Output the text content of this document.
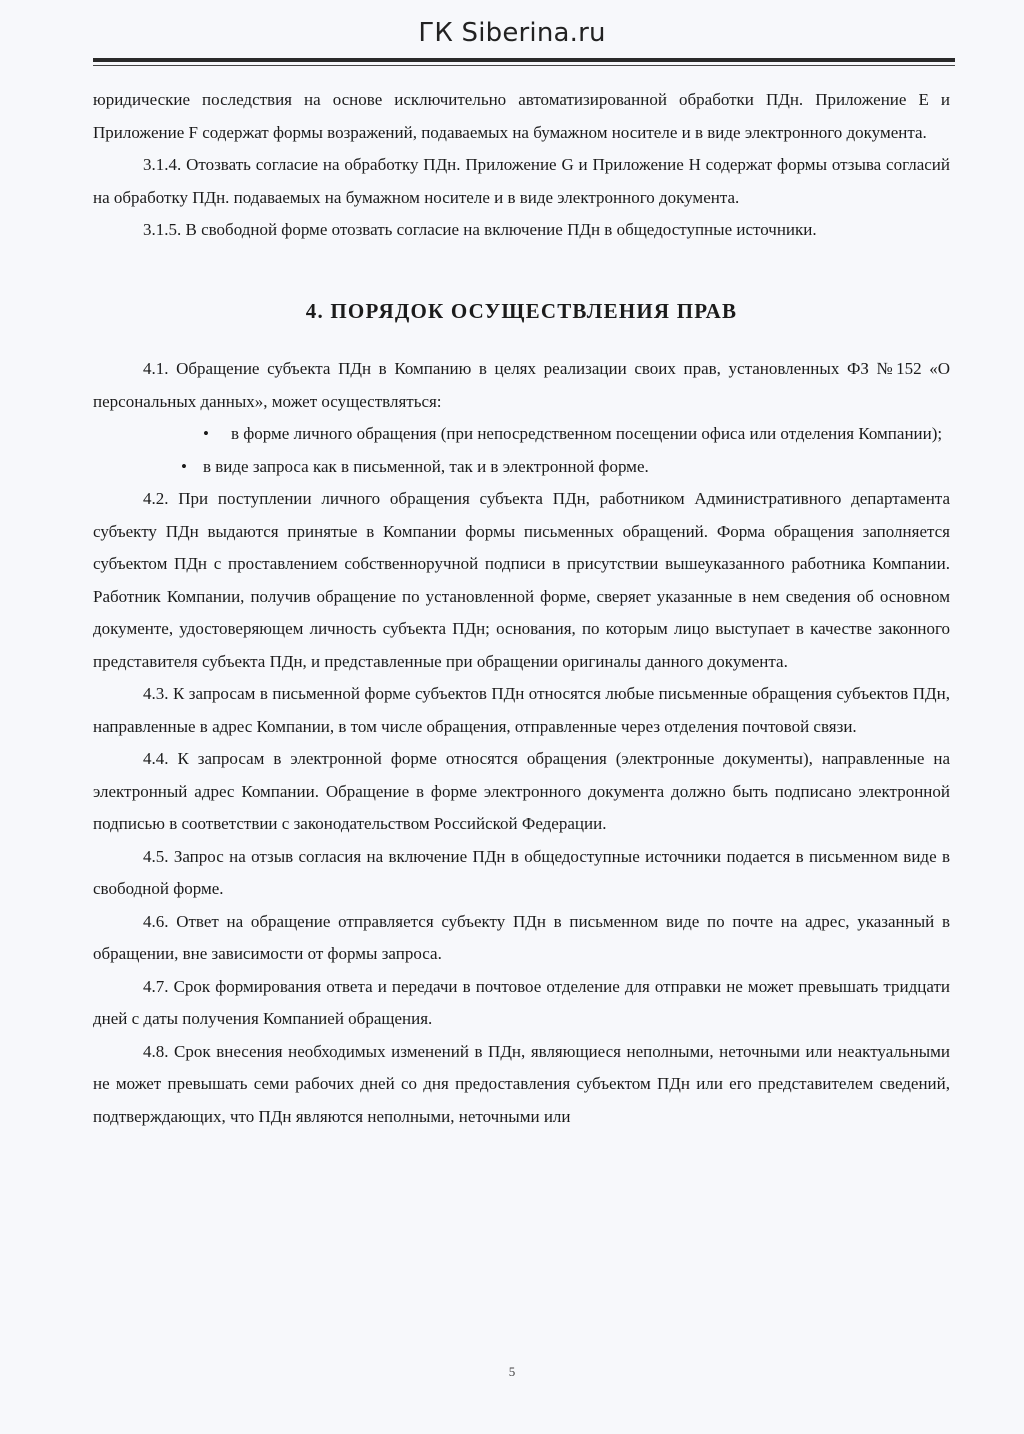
ГК Siberina.ru

юридические последствия на основе исключительно автоматизированной обработки ПДн. Приложение E и Приложение F содержат формы возражений, подаваемых на бумажном носителе и в виде электронного документа.

3.1.4. Отозвать согласие на обработку ПДн. Приложение G и Приложение H содержат формы отзыва согласий на обработку ПДн. подаваемых на бумажном носителе и в виде электронного документа.

3.1.5. В свободной форме отозвать согласие на включение ПДн в общедоступные источники.

4. ПОРЯДОК ОСУЩЕСТВЛЕНИЯ ПРАВ

4.1. Обращение субъекта ПДн в Компанию в целях реализации своих прав, установленных ФЗ №152 «О персональных данных», может осуществляться:

•	в форме личного обращения (при непосредственном посещении офиса или отделения Компании);
• в виде запроса как в письменной, так и в электронной форме.

4.2. При поступлении личного обращения субъекта ПДн, работником Административного департамента субъекту ПДн выдаются принятые в Компании формы письменных обращений. Форма обращения заполняется субъектом ПДн с проставлением собственноручной подписи в присутствии вышеуказанного работника Компании. Работник Компании, получив обращение по установленной форме, сверяет указанные в нем сведения об основном документе, удостоверяющем личность субъекта ПДн; основания, по которым лицо выступает в качестве законного представителя субъекта ПДн, и представленные при обращении оригиналы данного документа.

4.3. К запросам в письменной форме субъектов ПДн относятся любые письменные обращения субъектов ПДн, направленные в адрес Компании, в том числе обращения, отправленные через отделения почтовой связи.

4.4. К запросам в электронной форме относятся обращения (электронные документы), направленные на электронный адрес Компании. Обращение в форме электронного документа должно быть подписано электронной подписью в соответствии с законодательством Российской Федерации.

4.5. Запрос на отзыв согласия на включение ПДн в общедоступные источники подается в письменном виде в свободной форме.

4.6. Ответ на обращение отправляется субъекту ПДн в письменном виде по почте на адрес, указанный в обращении, вне зависимости от формы запроса.

4.7. Срок формирования ответа и передачи в почтовое отделение для отправки не может превышать тридцати дней с даты получения Компанией обращения.

4.8. Срок внесения необходимых изменений в ПДн, являющиеся неполными, неточными или неактуальными не может превышать семи рабочих дней со дня предоставления субъектом ПДн или его представителем сведений, подтверждающих, что ПДн являются неполными, неточными или

5
